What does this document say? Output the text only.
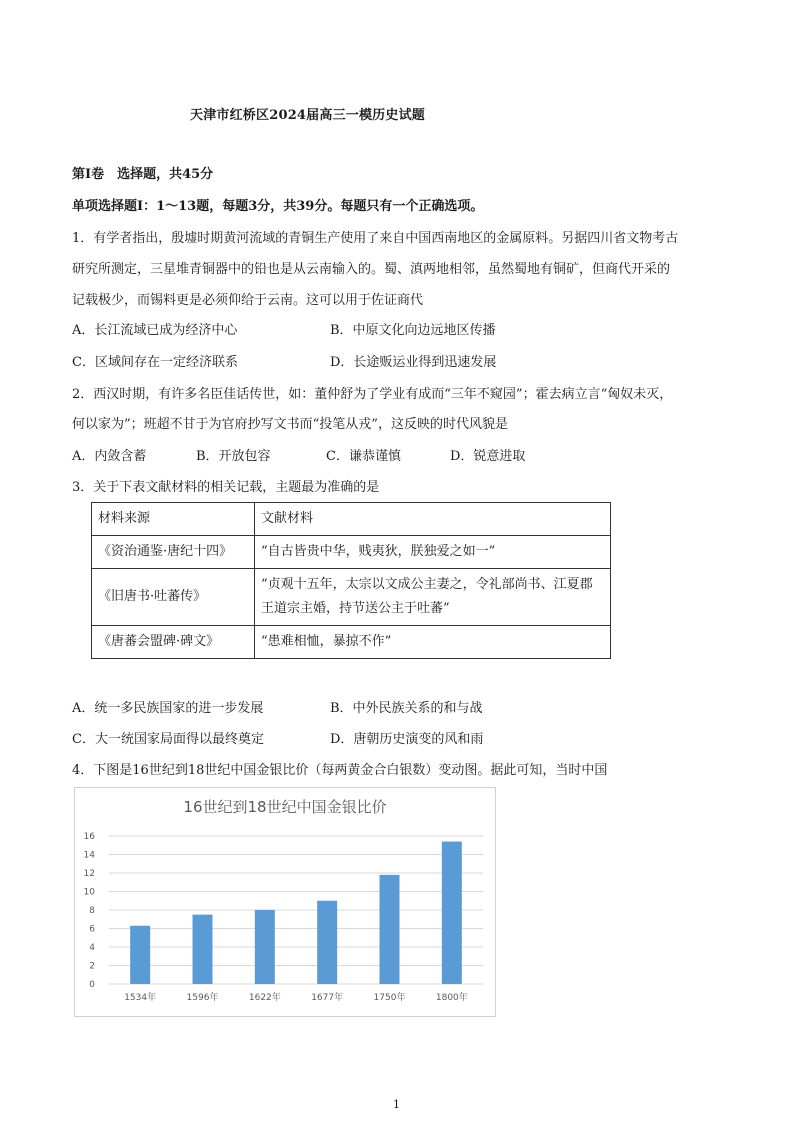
天津市红桥区2024届高三一模历史试题
第Ⅰ卷　选择题，共45分
单项选择题Ⅰ：1～13题，每题3分，共39分。每题只有一个正确选项。
1．有学者指出，殷墟时期黄河流域的青铜生产使用了来自中国西南地区的金属原料。另据四川省文物考古
研究所测定，三星堆青铜器中的铅也是从云南输入的。蜀、滇两地相邻，虽然蜀地有铜矿，但商代开采的
记载极少，而锡料更是必须仰给于云南。这可以用于佐证商代
A．长江流域已成为经济中心	B．中原文化向边远地区传播
C．区域间存在一定经济联系	D．长途贩运业得到迅速发展
2．西汉时期，有许多名臣佳话传世，如：董仲舒为了学业有成而“三年不窥园”；霍去病立言“匈奴未灭，
何以家为”；班超不甘于为官府抄写文书而“投笔从戎”，这反映的时代风貌是
A．内敛含蓄	B．开放包容	C．谦恭谨慎	D．锐意进取
3．关于下表文献材料的相关记载，主题最为准确的是
材料来源	文献材料
《资治通鉴·唐纪十四》	“自古皆贵中华，贱夷狄，朕独爱之如一”
《旧唐书·吐蕃传》	“贞观十五年，太宗以文成公主妻之，令礼部尚书、江夏郡王道宗主婚，持节送公主于吐蕃”
《唐蕃会盟碑·碑文》	“患难相恤，暴掠不作”
A．统一多民族国家的进一步发展	B．中外民族关系的和与战
C．大一统国家局面得以最终奠定	D．唐朝历史演变的风和雨
4．下图是16世纪到18世纪中国金银比价（每两黄金合白银数）变动图。据此可知，当时中国
16世纪到18世纪中国金银比价
0
2
4
6
8
10
12
14
16
1534年	1596年	1622年	1677年	1750年	1800年
1
